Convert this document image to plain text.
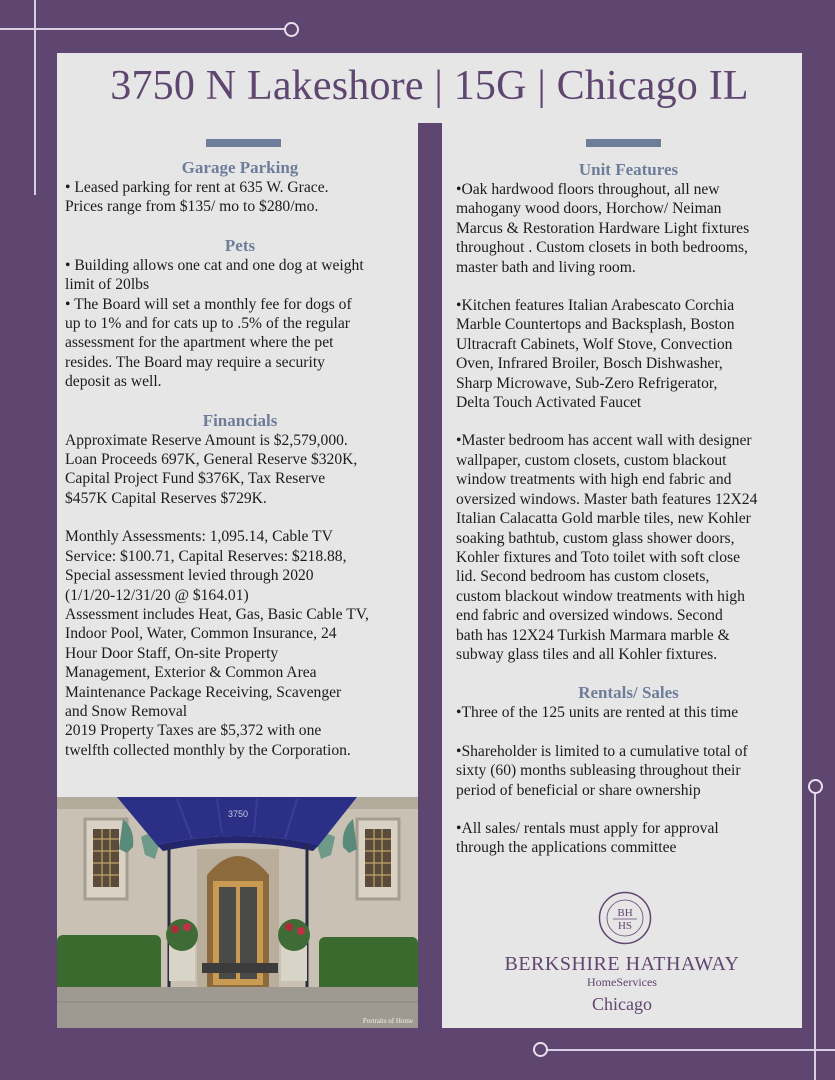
3750 N Lakeshore | 15G | Chicago IL

Garage Parking

• Leased parking for rent at 635 W. Grace.

Prices range from $135/ mo to $280/mo.

Pets

• Building allows one cat and one dog at weight

limit of 20lbs

• The Board will set a monthly fee for dogs of

up to 1% and for cats up to .5% of the regular

assessment for the apartment where the pet

resides. The Board may require a security

deposit as well.

Financials

Approximate Reserve Amount is $2,579,000.

Loan Proceeds 697K, General Reserve $320K,

Capital Project Fund $376K, Tax Reserve

$457K Capital Reserves $729K.

Monthly Assessments: 1,095.14, Cable TV

Service: $100.71, Capital Reserves: $218.88,

Special assessment levied through 2020

(1/1/20-12/31/20 @ $164.01)

Assessment includes Heat, Gas, Basic Cable TV,

Indoor Pool, Water, Common Insurance, 24

Hour Door Staff, On-site Property

Management, Exterior & Common Area

Maintenance Package Receiving, Scavenger

and Snow Removal

2019 Property Taxes are $5,372 with one

twelfth collected monthly by the Corporation.

3750
Portraits of Home

Unit Features

•Oak hardwood floors throughout, all new

mahogany wood doors, Horchow/ Neiman

Marcus & Restoration Hardware Light fixtures

throughout . Custom closets in both bedrooms,

master bath and living room.

•Kitchen features Italian Arabescato Corchia

Marble Countertops and Backsplash, Boston

Ultracraft Cabinets, Wolf Stove, Convection

Oven, Infrared Broiler, Bosch Dishwasher,

Sharp Microwave, Sub-Zero Refrigerator,

Delta Touch Activated Faucet

•Master bedroom has accent wall with designer

wallpaper, custom closets, custom blackout

window treatments with high end fabric and

oversized windows. Master bath features 12X24

Italian Calacatta Gold marble tiles, new Kohler

soaking bathtub, custom glass shower doors,

Kohler fixtures and Toto toilet with soft close

lid. Second bedroom has custom closets,

custom blackout window treatments with high

end fabric and oversized windows. Second

bath has 12X24 Turkish Marmara marble &

subway glass tiles and all Kohler fixtures.

Rentals/ Sales

•Three of the 125 units are rented at this time

•Shareholder is limited to a cumulative total of

sixty (60) months subleasing throughout their

period of beneficial or share ownership

•All sales/ rentals must apply for approval

through the applications committee

BH
HS
BERKSHIRE HATHAWAY
HomeServices
Chicago
